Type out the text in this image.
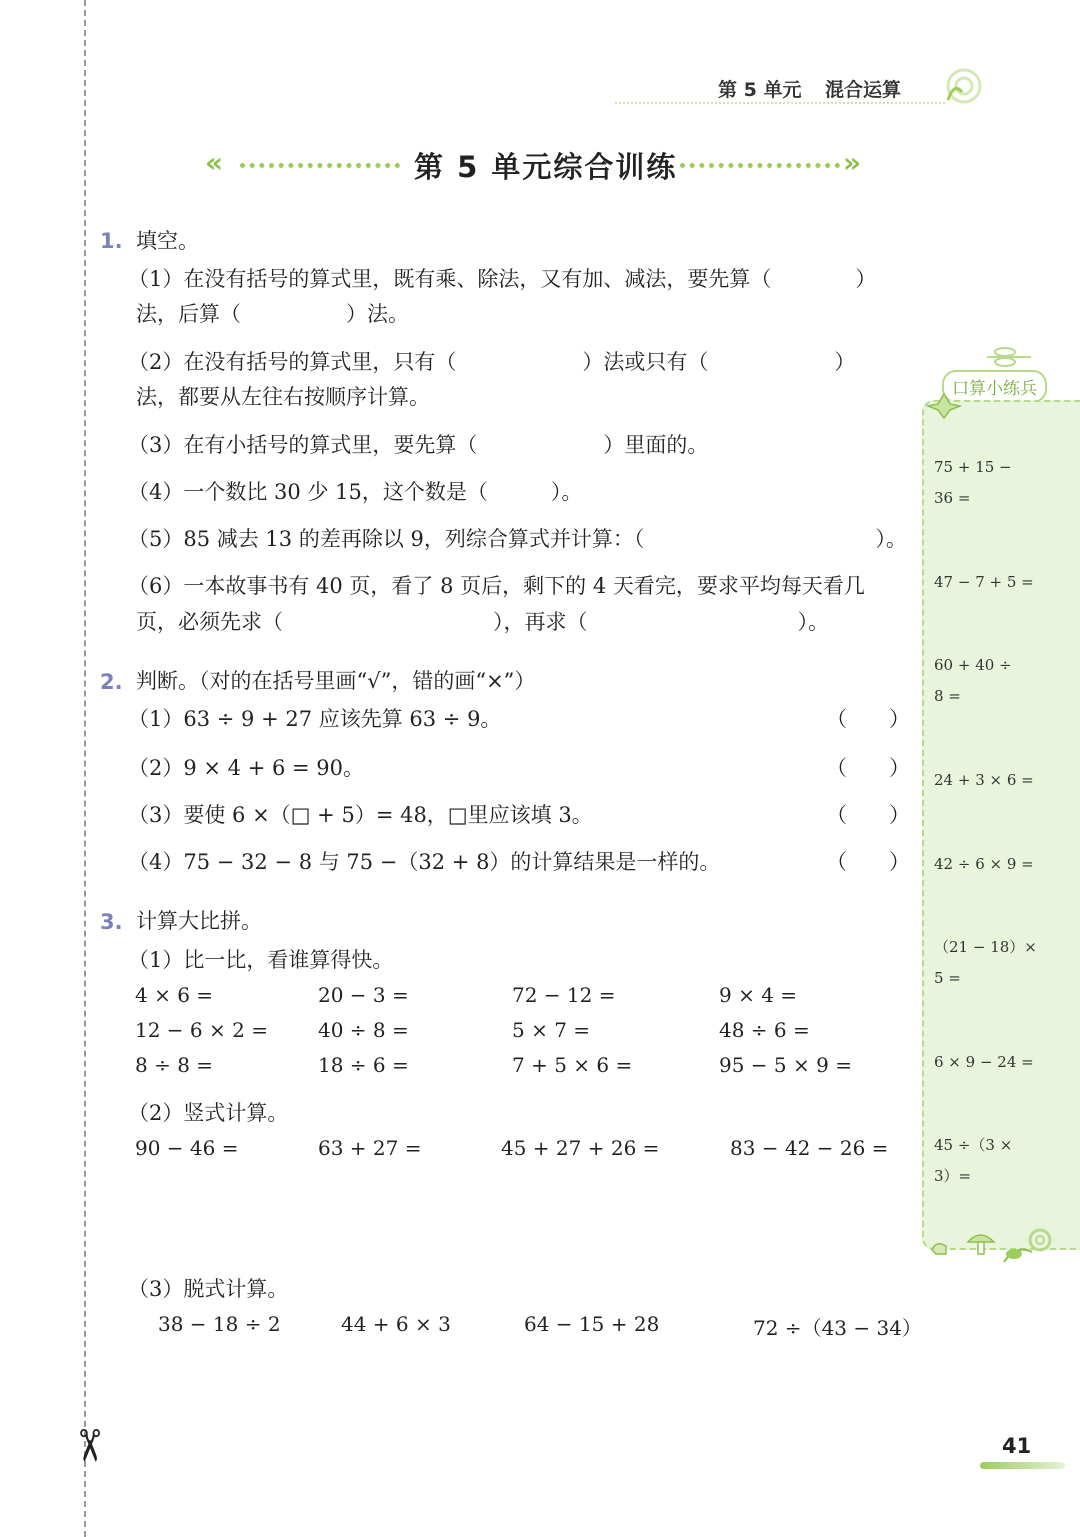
✂
第 5 单元 混合运算
«	第 5 单元综合训练	»
1. 填空。
（1）在没有括号的算式里，既有乘、除法，又有加、减法，要先算（　　　　）
法，后算（　　　　　）法。
（2）在没有括号的算式里，只有（　　　　　　）法或只有（　　　　　　）
法，都要从左往右按顺序计算。
（3）在有小括号的算式里，要先算（　　　　　　）里面的。
（4）一个数比 30 少 15，这个数是（　　　）。
（5）85 减去 13 的差再除以 9，列综合算式并计算：（　　　　　　　　　　　）。
（6）一本故事书有 40 页，看了 8 页后，剩下的 4 天看完，要求平均每天看几
页，必须先求（　　　　　　　　　　），再求（　　　　　　　　　　）。
2. 判断。（对的在括号里画“√”，错的画“×”）
（1）63 ÷ 9 + 27 应该先算 63 ÷ 9。	（　　）
（2）9 × 4 + 6 = 90。	（　　）
（3）要使 6 ×（□ + 5）= 48，□里应该填 3。	（　　）
（4）75 − 32 − 8 与 75 −（32 + 8）的计算结果是一样的。	（　　）
3. 计算大比拼。
（1）比一比，看谁算得快。
4 × 6 =	20 − 3 =	72 − 12 =	9 × 4 =
12 − 6 × 2 =	40 ÷ 8 =	5 × 7 =	48 ÷ 6 =
8 ÷ 8 =	18 ÷ 6 =	7 + 5 × 6 =	95 − 5 × 9 =
（2）竖式计算。
90 − 46 =	63 + 27 =	45 + 27 + 26 =	83 − 42 − 26 =
（3）脱式计算。
38 − 18 ÷ 2	44 + 6 × 3	64 − 15 + 28	72 ÷（43 − 34）
口算小练兵
75 + 15 −
36 =
47 − 7 + 5 =
60 + 40 ÷
8 =
24 + 3 × 6 =
42 ÷ 6 × 9 =
（21 − 18）×
5 =
6 × 9 − 24 =
45 ÷（3 ×
3）=
41
